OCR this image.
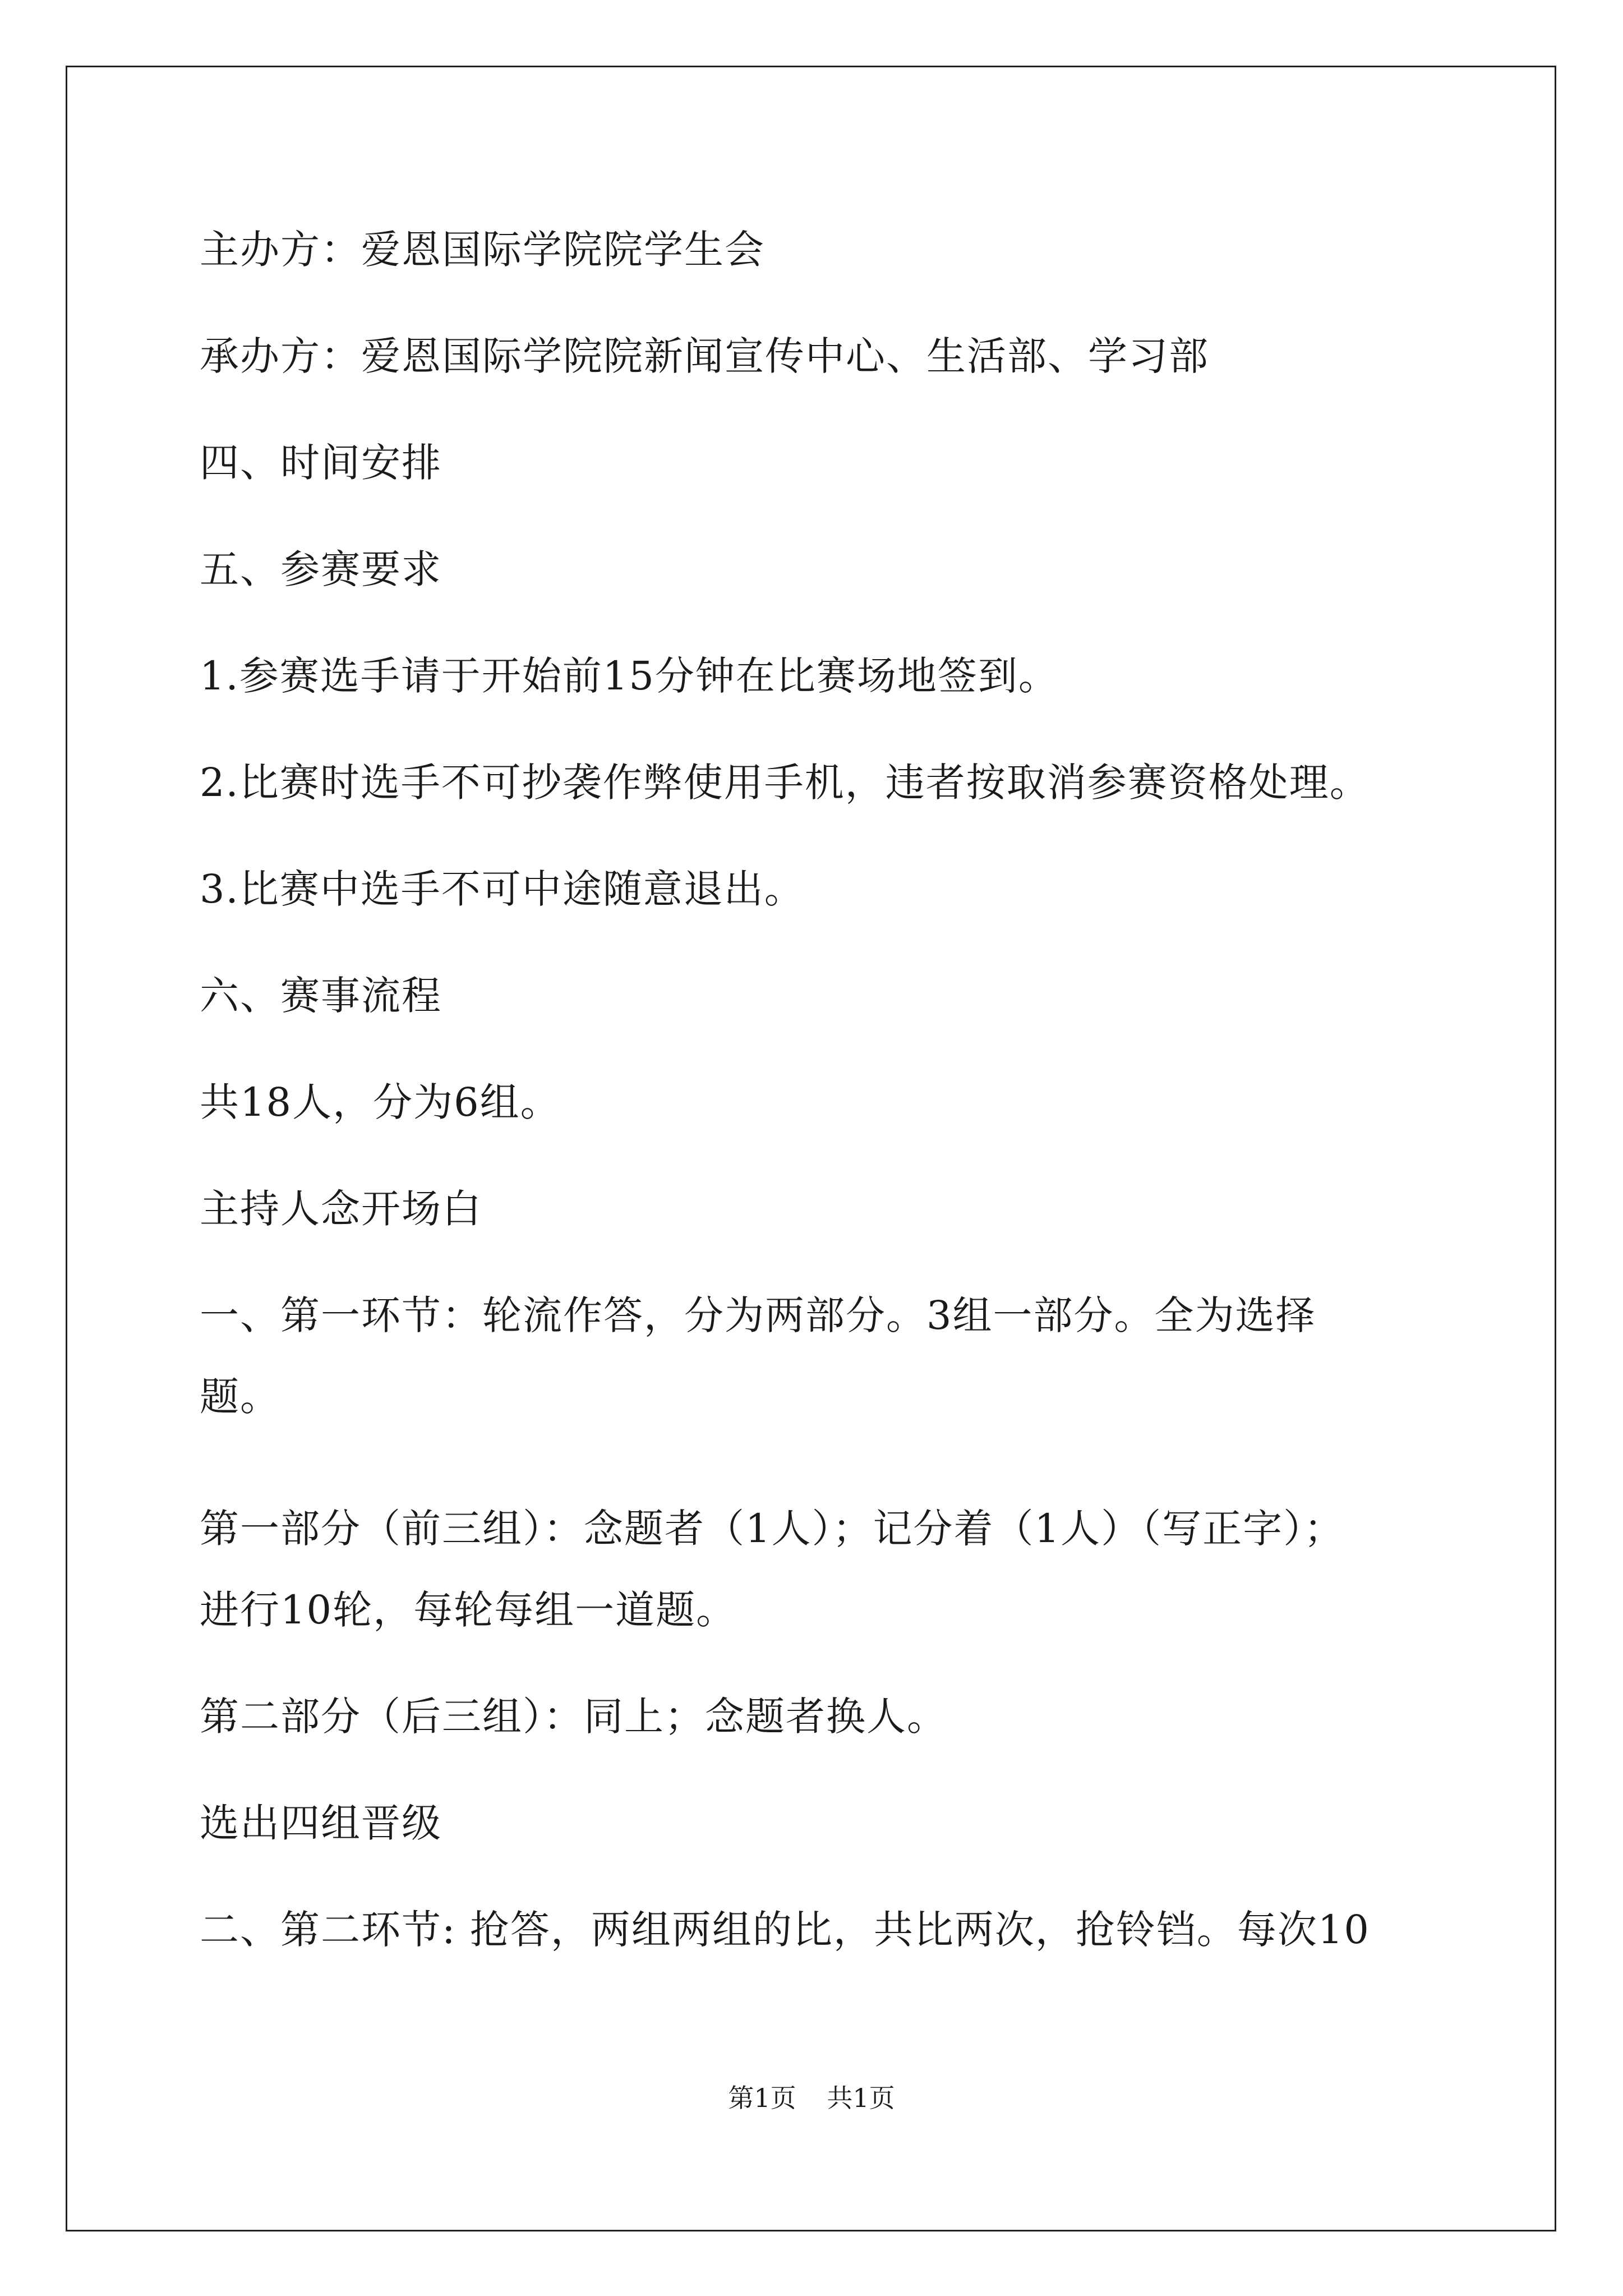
主办方：爱恩国际学院院学生会
承办方：爱恩国际学院院新闻宣传中心、生活部、学习部
四、时间安排
五、参赛要求
1.参赛选手请于开始前15分钟在比赛场地签到。
2.比赛时选手不可抄袭作弊使用手机，违者按取消参赛资格处理。
3.比赛中选手不可中途随意退出。
六、赛事流程
共18人，分为6组。
主持人念开场白
一、第一环节：轮流作答，分为两部分。3组一部分。全为选择
题。
第一部分（前三组）：念题者（1人）；记分着（1人）（写正字）；
进行10轮，每轮每组一道题。
第二部分（后三组）：同上；念题者换人。
选出四组晋级
二、第二环节: 抢答，两组两组的比，共比两次，抢铃铛。每次10
第1页 共1页
